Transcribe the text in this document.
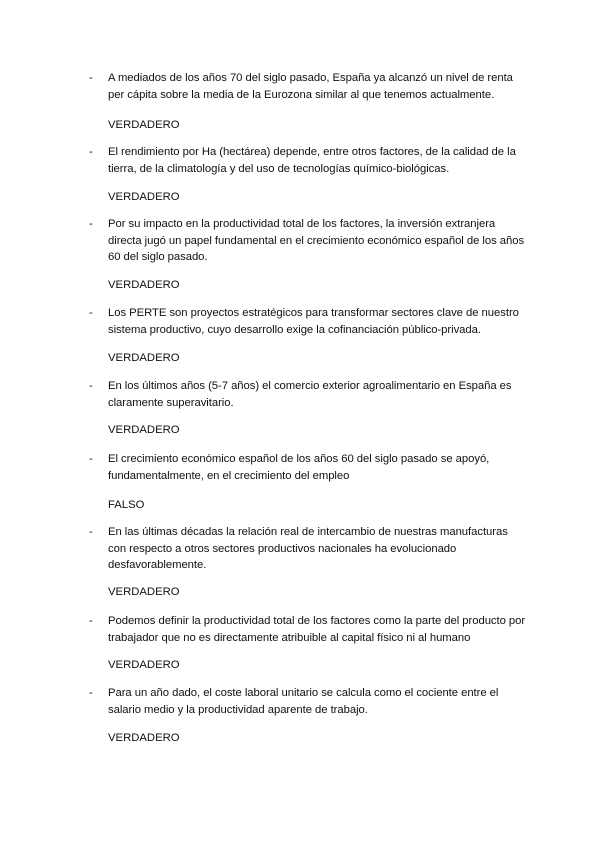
- A mediados de los años 70 del siglo pasado, España ya alcanzó un nivel de renta per cápita sobre la media de la Eurozona similar al que tenemos actualmente.
VERDADERO
- El rendimiento por Ha (hectárea) depende, entre otros factores, de la calidad de la tierra, de la climatología y del uso de tecnologías químico-biológicas.
VERDADERO
- Por su impacto en la productividad total de los factores, la inversión extranjera directa jugó un papel fundamental en el crecimiento económico español de los años 60 del siglo pasado.
VERDADERO
- Los PERTE son proyectos estratégicos para transformar sectores clave de nuestro sistema productivo, cuyo desarrollo exige la cofinanciación público-privada.
VERDADERO
- En los últimos años (5-7 años) el comercio exterior agroalimentario en España es claramente superavitario.
VERDADERO
- El crecimiento económico español de los años 60 del siglo pasado se apoyó, fundamentalmente, en el crecimiento del empleo
FALSO
- En las últimas décadas la relación real de intercambio de nuestras manufacturas con respecto a otros sectores productivos nacionales ha evolucionado desfavorablemente.
VERDADERO
- Podemos definir la productividad total de los factores como la parte del producto por trabajador que no es directamente atribuible al capital físico ni al humano
VERDADERO
- Para un año dado, el coste laboral unitario se calcula como el cociente entre el salario medio y la productividad aparente de trabajo.
VERDADERO
